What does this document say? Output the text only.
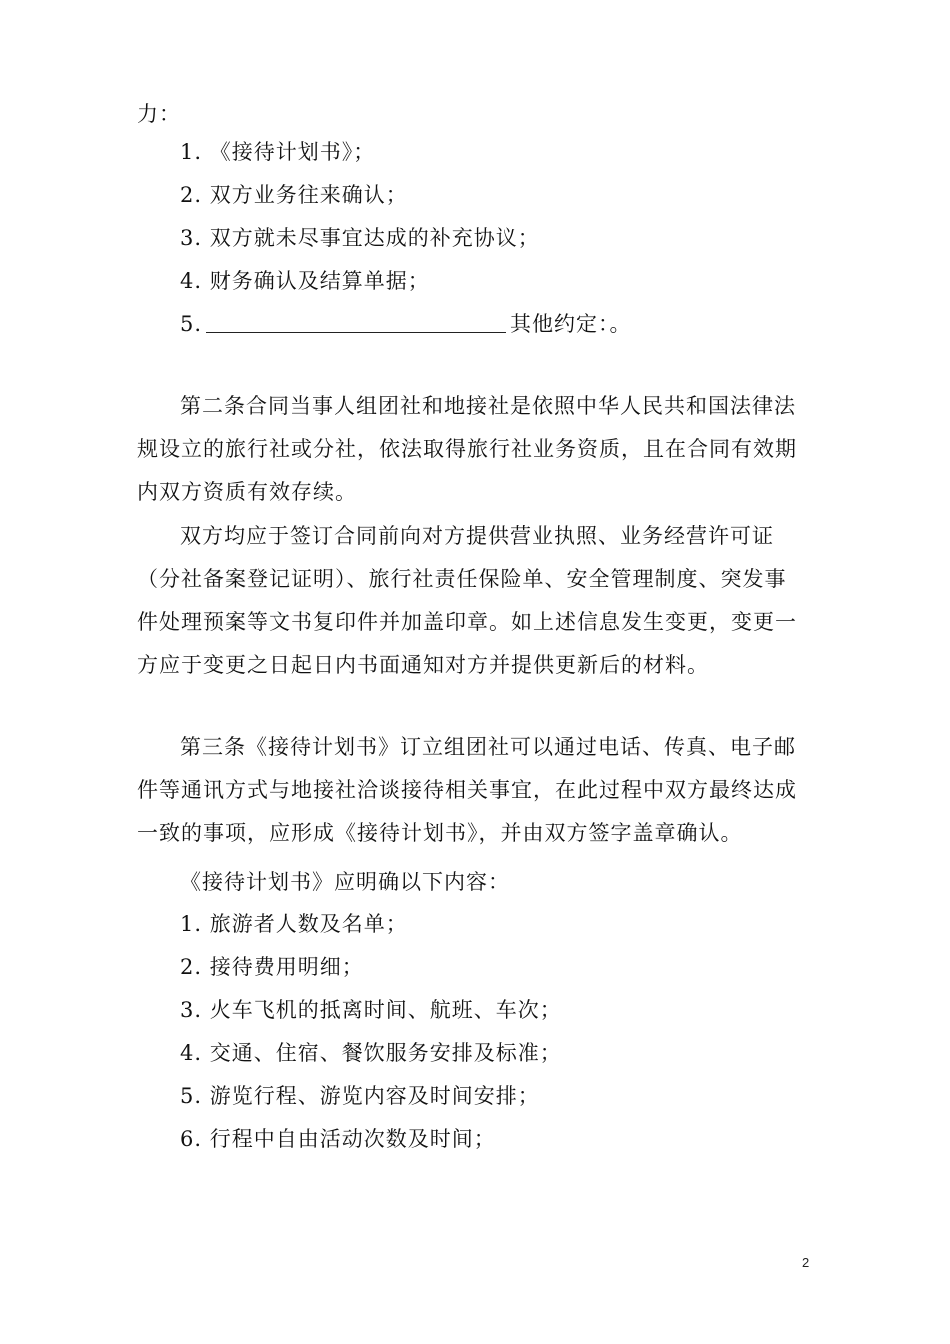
力：
1. 《接待计划书》；
2. 双方业务往来确认；
3. 双方就未尽事宜达成的补充协议；
4. 财务确认及结算单据；
5.	其他约定：。
第二条合同当事人组团社和地接社是依照中华人民共和国法律法
规设立的旅行社或分社，依法取得旅行社业务资质，且在合同有效期
内双方资质有效存续。
双方均应于签订合同前向对方提供营业执照、业务经营许可证
（分社备案登记证明）、旅行社责任保险单、安全管理制度、突发事
件处理预案等文书复印件并加盖印章。如上述信息发生变更，变更一
方应于变更之日起日内书面通知对方并提供更新后的材料。
第三条《接待计划书》订立组团社可以通过电话、传真、电子邮
件等通讯方式与地接社洽谈接待相关事宜，在此过程中双方最终达成
一致的事项，应形成《接待计划书》，并由双方签字盖章确认。
《接待计划书》应明确以下内容：
1. 旅游者人数及名单；
2. 接待费用明细；
3. 火车飞机的抵离时间、航班、车次；
4. 交通、住宿、餐饮服务安排及标准；
5. 游览行程、游览内容及时间安排；
6. 行程中自由活动次数及时间；
2
